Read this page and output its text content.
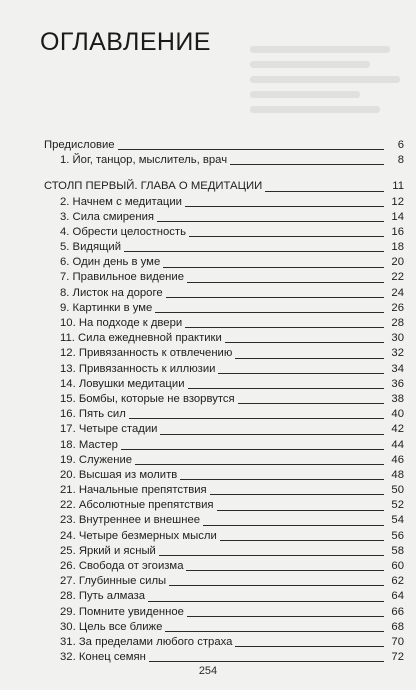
ОГЛАВЛЕНИЕ
Предисловие	6
1. Йог, танцор, мыслитель, врач	8
СТОЛП ПЕРВЫЙ. ГЛАВА О МЕДИТАЦИИ	11
2. Начнем с медитации	12
3. Сила смирения	14
4. Обрести целостность	16
5. Видящий	18
6. Один день в уме	20
7. Правильное видение	22
8. Листок на дороге	24
9. Картинки в уме	26
10. На подходе к двери	28
11. Сила ежедневной практики	30
12. Привязанность к отвлечению	32
13. Привязанность к иллюзии	34
14. Ловушки медитации	36
15. Бомбы, которые не взорвутся	38
16. Пять сил	40
17. Четыре стадии	42
18. Мастер	44
19. Служение	46
20. Высшая из молитв	48
21. Начальные препятствия	50
22. Абсолютные препятствия	52
23. Внутреннее и внешнее	54
24. Четыре безмерных мысли	56
25. Яркий и ясный	58
26. Свобода от эгоизма	60
27. Глубинные силы	62
28. Путь алмаза	64
29. Помните увиденное	66
30. Цель все ближе	68
31. За пределами любого страха	70
32. Конец семян	72
254
